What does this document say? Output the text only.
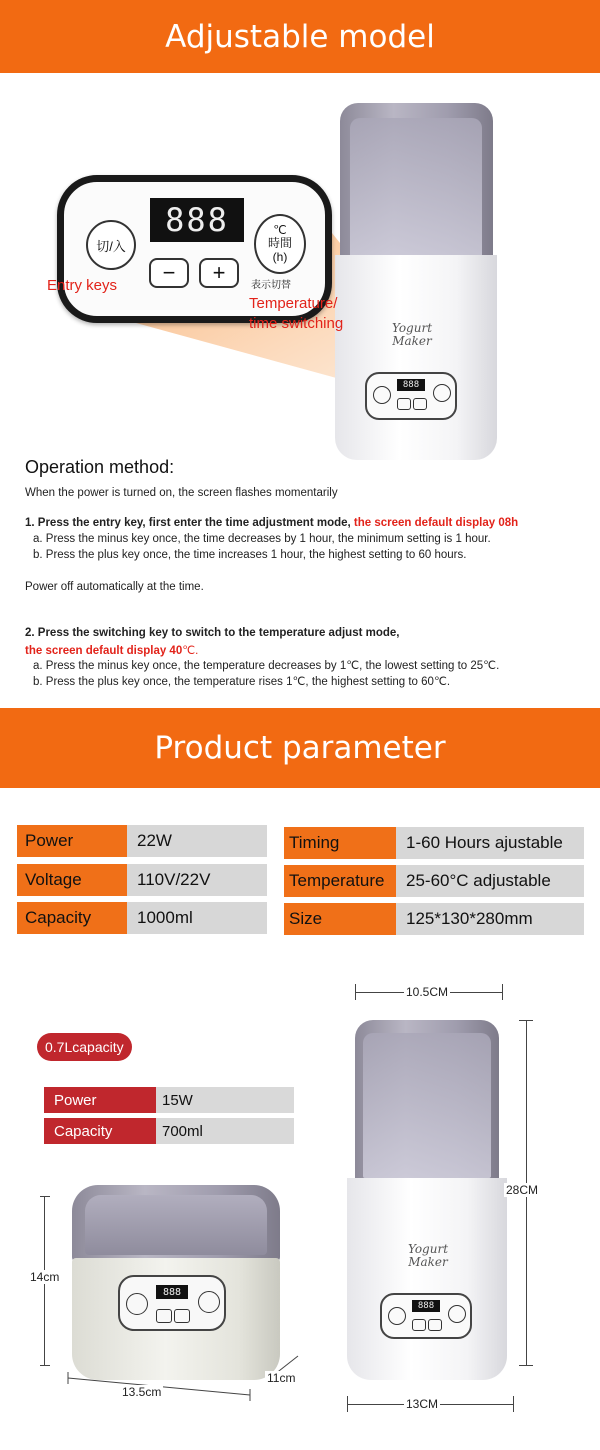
Adjustable model
Yogurt
Maker
888
888
切/入
−	+
℃
時間
(h)
表示切替
Entry keys
Temperature/
time switching
Operation method:
When the power is turned on, the screen flashes momentarily
1. Press the entry key, first enter the time adjustment mode, the screen default display 08h
a. Press the minus key once, the time decreases by 1 hour, the minimum setting is 1 hour.
b. Press the plus key once, the time increases 1 hour, the highest setting to 60 hours.
Power off automatically at the time.
2. Press the switching key to switch to the temperature adjust mode,
the screen default display 40℃.
a. Press the minus key once, the temperature decreases by 1℃, the lowest setting to 25℃.
b. Press the plus key once, the temperature rises 1℃, the highest setting to 60℃.
Product parameter
Power	22W
Voltage	110V/22V
Capacity	1000ml
Timing	1-60 Hours ajustable
Temperature	25-60°C adjustable
Size	125*130*280mm
0.7Lcapacity
Power	15W
Capacity	700ml
888
14cm
13.5cm
11cm
Yogurt
Maker
888
10.5CM
28CM
13CM
